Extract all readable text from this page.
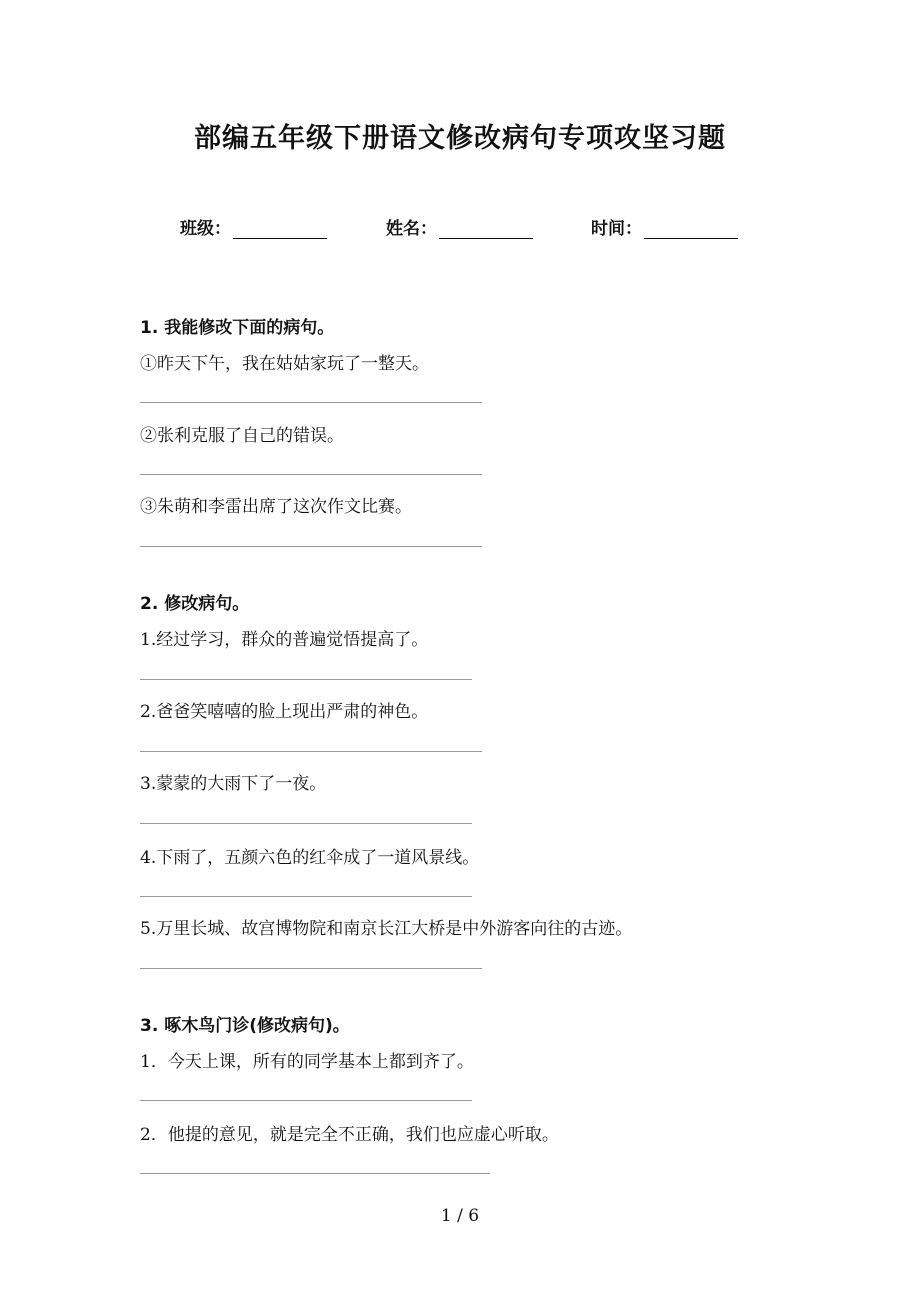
部编五年级下册语文修改病句专项攻坚习题
班级：	姓名：	时间：
1. 我能修改下面的病句。
①昨天下午，我在姑姑家玩了一整天。
②张利克服了自己的错误。
③朱萌和李雷出席了这次作文比赛。
2. 修改病句。
1.经过学习，群众的普遍觉悟提高了。
2.爸爸笑嘻嘻的脸上现出严肃的神色。
3.蒙蒙的大雨下了一夜。
4.下雨了，五颜六色的红伞成了一道风景线。
5.万里长城、故宫博物院和南京长江大桥是中外游客向往的古迹。
3. 啄木鸟门诊(修改病句)。
1．今天上课，所有的同学基本上都到齐了。
2．他提的意见，就是完全不正确，我们也应虚心听取。
1 / 6
